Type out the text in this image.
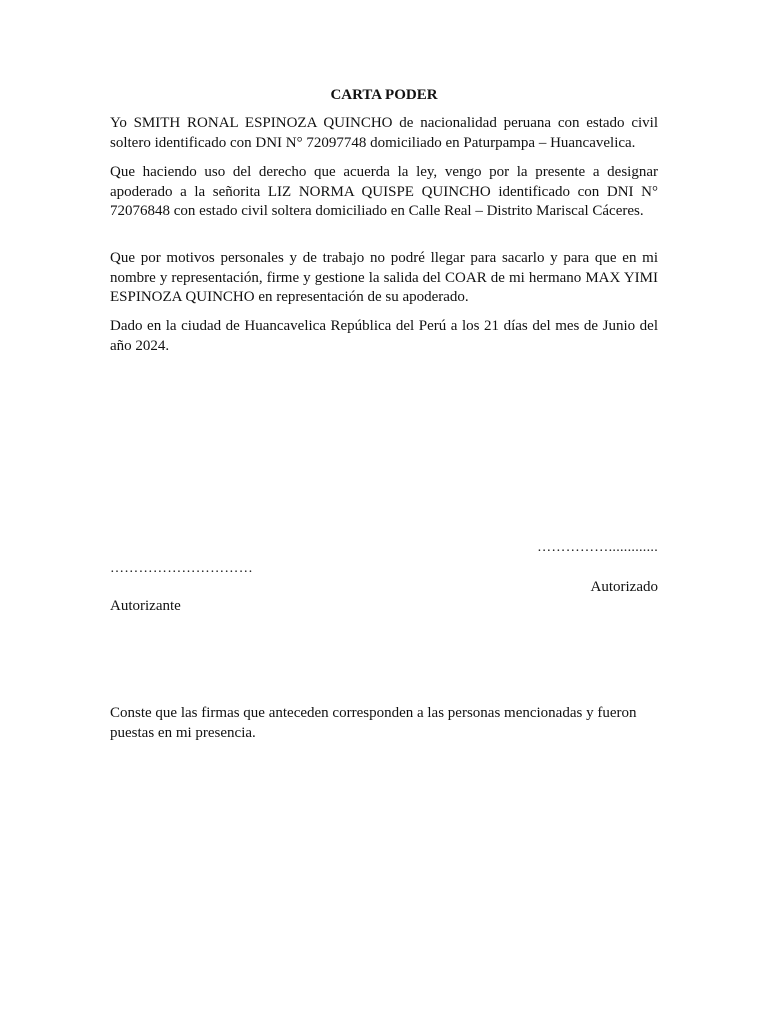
CARTA PODER

Yo SMITH RONAL ESPINOZA QUINCHO de nacionalidad peruana con estado civil soltero identificado con DNI N° 72097748 domiciliado en Paturpampa – Huancavelica.

Que haciendo uso del derecho que acuerda la ley, vengo por la presente a designar apoderado a la señorita LIZ NORMA QUISPE QUINCHO identificado con DNI N° 72076848 con estado civil soltera domiciliado en Calle Real – Distrito Mariscal Cáceres.

Que por motivos personales y de trabajo no podré llegar para sacarlo y para que en mi nombre y representación, firme y gestione la salida del COAR de mi hermano MAX YIMI ESPINOZA QUINCHO en representación de su apoderado.

Dado en la ciudad de Huancavelica República del Perú a los 21 días del mes de Junio del año 2024.

…………….............
…………………………
Autorizado
Autorizante

Conste que las firmas que anteceden corresponden a las personas mencionadas y fueron puestas en mi presencia.
